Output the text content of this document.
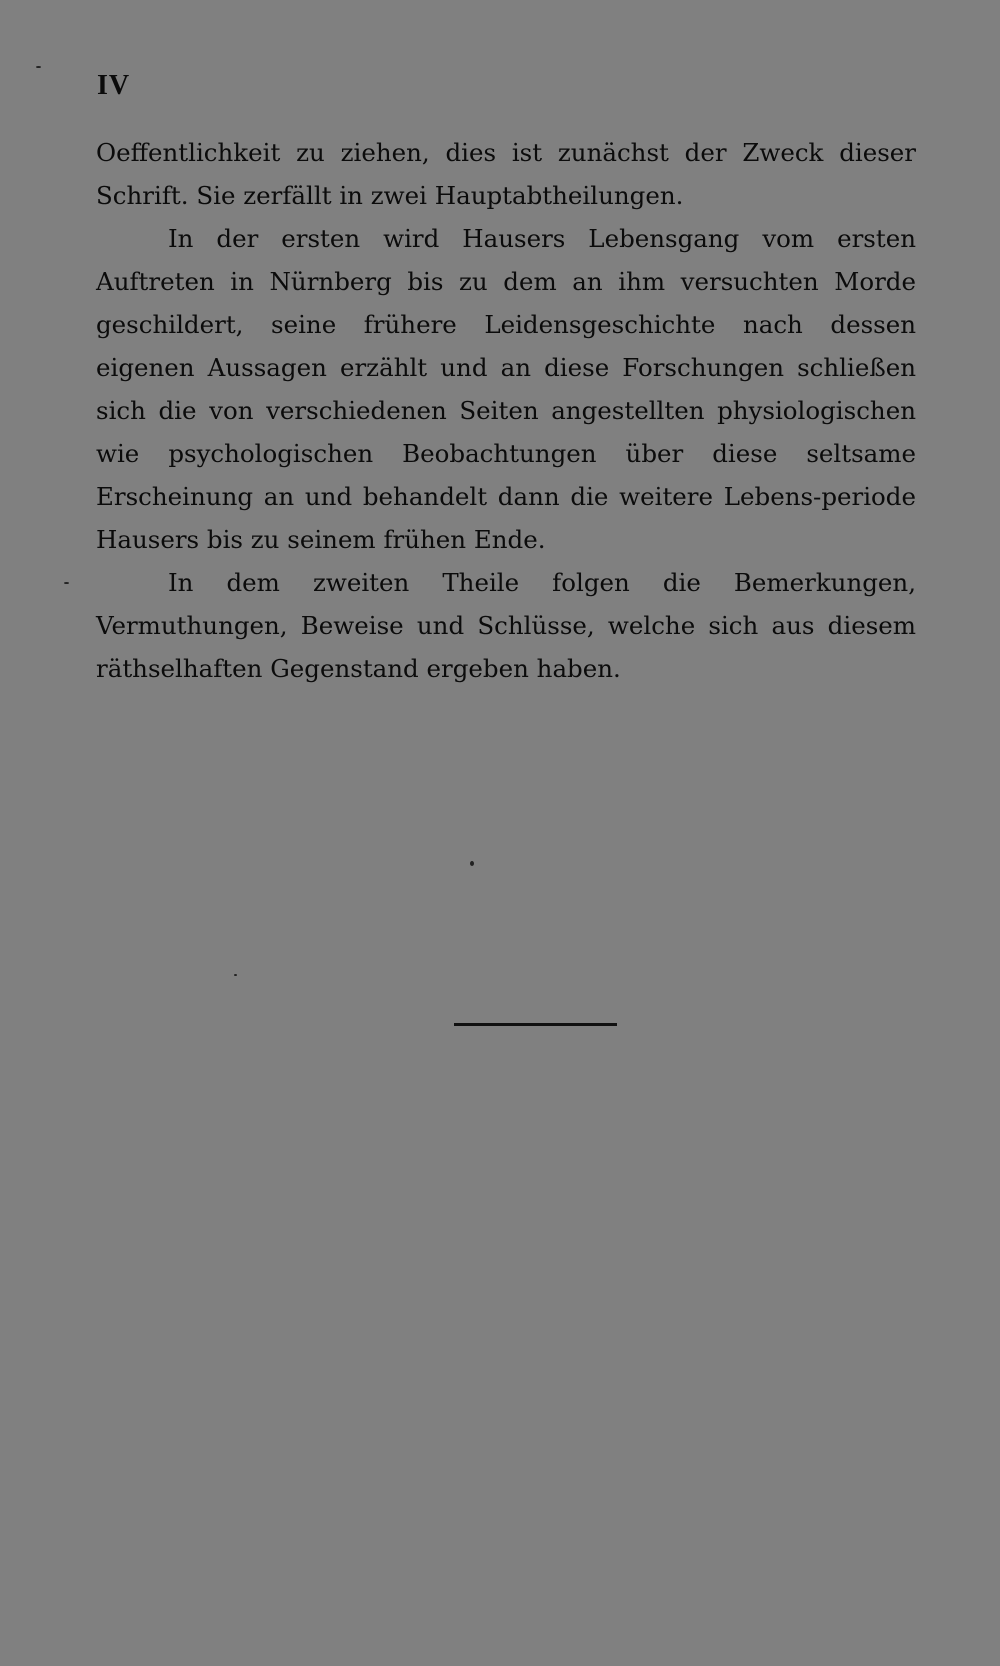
IV

Oeffentlichkeit zu ziehen, dies ist zunächst der Zweck dieser Schrift. Sie zerfällt in zwei Hauptabtheilungen.

In der ersten wird Hausers Lebensgang vom ersten Auftreten in Nürnberg bis zu dem an ihm versuchten Morde geschildert, seine frühere Leidensgeschichte nach dessen eigenen Aussagen erzählt und an diese Forschungen schließen sich die von verschiedenen Seiten angestellten physiologischen wie psychologischen Beobachtungen über diese seltsame Erscheinung an und behandelt dann die weitere Lebens-periode Hausers bis zu seinem frühen Ende.

In dem zweiten Theile folgen die Bemerkungen, Vermuthungen, Beweise und Schlüsse, welche sich aus diesem räthselhaften Gegenstand ergeben haben.
